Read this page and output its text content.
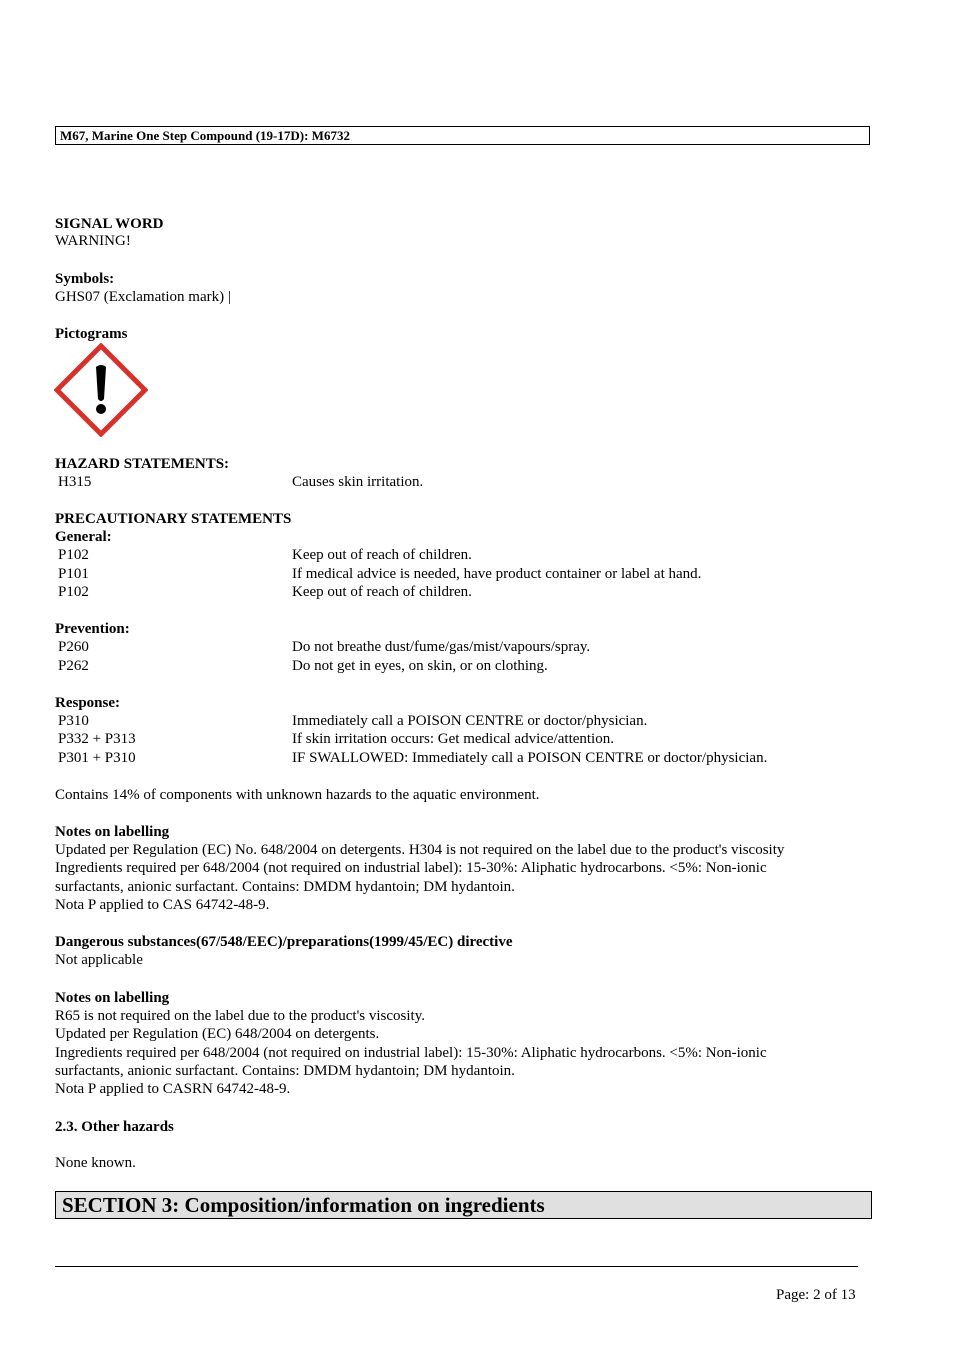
M67, Marine One Step Compound (19-17D): M6732
SIGNAL WORD
WARNING!
Symbols:
GHS07 (Exclamation mark) |
Pictograms
HAZARD STATEMENTS:
H315	Causes skin irritation.
PRECAUTIONARY STATEMENTS
General:
P102	Keep out of reach of children.
P101	If medical advice is needed, have product container or label at hand.
P102	Keep out of reach of children.
Prevention:
P260	Do not breathe dust/fume/gas/mist/vapours/spray.
P262	Do not get in eyes, on skin, or on clothing.
Response:
P310	Immediately call a POISON CENTRE or doctor/physician.
P332 + P313	If skin irritation occurs: Get medical advice/attention.
P301 + P310	IF SWALLOWED: Immediately call a POISON CENTRE or doctor/physician.
Contains 14% of components with unknown hazards to the aquatic environment.
Notes on labelling
Updated per Regulation (EC) No. 648/2004 on detergents. H304 is not required on the label due to the product's viscosity
Ingredients required per 648/2004 (not required on industrial label): 15-30%: Aliphatic hydrocarbons. <5%: Non-ionic
surfactants, anionic surfactant. Contains: DMDM hydantoin; DM hydantoin.
Nota P applied to CAS 64742-48-9.
Dangerous substances(67/548/EEC)/preparations(1999/45/EC) directive
Not applicable
Notes on labelling
R65 is not required on the label due to the product's viscosity.
Updated per Regulation (EC) 648/2004 on detergents.
Ingredients required per 648/2004 (not required on industrial label): 15-30%: Aliphatic hydrocarbons. <5%: Non-ionic
surfactants, anionic surfactant. Contains: DMDM hydantoin; DM hydantoin.
Nota P applied to CASRN 64742-48-9.
2.3. Other hazards
None known.
SECTION 3: Composition/information on ingredients
Page: 2 of 13
